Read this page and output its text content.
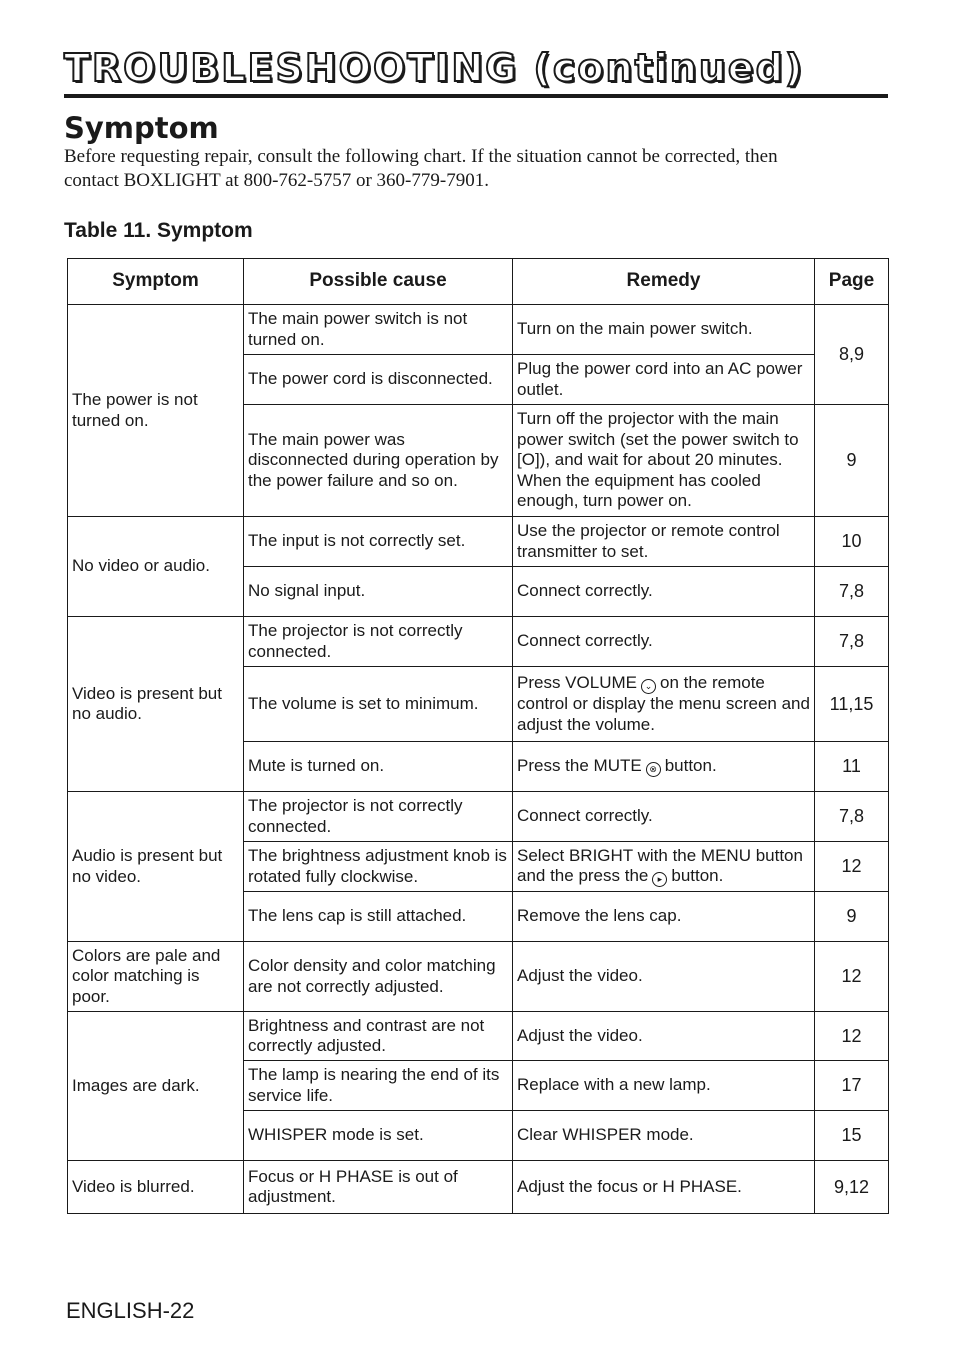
TROUBLESHOOTING (continued)
Symptom

Before requesting repair, consult the following chart. If the situation cannot be corrected, then
contact BOXLIGHT at 800-762-5757 or 360-779-7901.

Table 11. Symptom
Symptom	Possible cause	Remedy	Page
The power is not turned on.	The main power switch is not turned on.	Turn on the main power switch.	8,9
	The power cord is disconnected.	Plug the power cord into an AC power outlet.	
	The main power was disconnected during operation by the power failure and so on.	Turn off the projector with the main power switch (set the power switch to [O]), and wait for about 20 minutes. When the equipment has cooled enough, turn power on.	9
No video or audio.	The input is not correctly set.	Use the projector or remote control transmitter to set.	10
	No signal input.	Connect correctly.	7,8
Video is present but no audio.	The projector is not correctly connected.	Connect correctly.	7,8
	The volume is set to minimum.	Press VOLUME ⌄ on the remote control or display the menu screen and adjust the volume.	11,15
	Mute is turned on.	Press the MUTE ⊗ button.	11
Audio is present but no video.	The projector is not correctly connected.	Connect correctly.	7,8
	The brightness adjustment knob is rotated fully clockwise.	Select BRIGHT with the MENU button and the press the ▸ button.	12
	The lens cap is still attached.	Remove the lens cap.	9
Colors are pale and color matching is poor.	Color density and color matching are not correctly adjusted.	Adjust the video.	12
Images are dark.	Brightness and contrast are not correctly adjusted.	Adjust the video.	12
	The lamp is nearing the end of its service life.	Replace with a new lamp.	17
	WHISPER mode is set.	Clear WHISPER mode.	15
Video is blurred.	Focus or H PHASE is out of adjustment.	Adjust the focus or H PHASE.	9,12

ENGLISH-22
